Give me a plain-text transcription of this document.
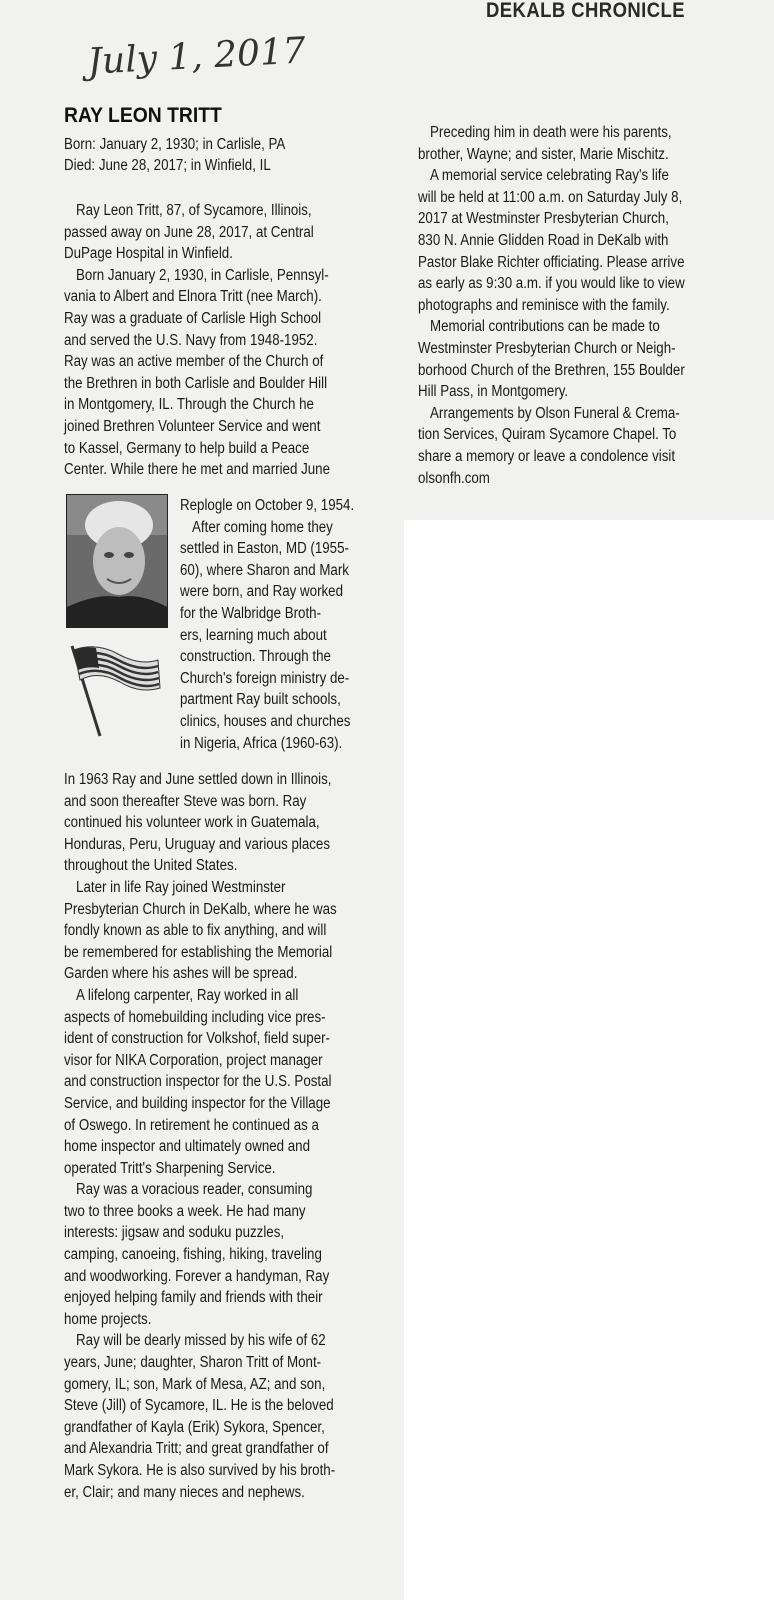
DEKALB CHRONICLE
July 1, 2017
RAY LEON TRITT
Born: January 2, 1930; in Carlisle, PA
Died: June 28, 2017; in Winfield, IL
Ray Leon Tritt, 87, of Sycamore, Illinois,
passed away on June 28, 2017, at Central
DuPage Hospital in Winfield.
Born January 2, 1930, in Carlisle, Pennsyl-
vania to Albert and Elnora Tritt (nee March).
Ray was a graduate of Carlisle High School
and served the U.S. Navy from 1948-1952.
Ray was an active member of the Church of
the Brethren in both Carlisle and Boulder Hill
in Montgomery, IL. Through the Church he
joined Brethren Volunteer Service and went
to Kassel, Germany to help build a Peace
Center. While there he met and married June
Replogle on October 9, 1954.
After coming home they
settled in Easton, MD (1955-
60), where Sharon and Mark
were born, and Ray worked
for the Walbridge Broth-
ers, learning much about
construction. Through the
Church's foreign ministry de-
partment Ray built schools,
clinics, houses and churches
in Nigeria, Africa (1960-63).
In 1963 Ray and June settled down in Illinois,
and soon thereafter Steve was born. Ray
continued his volunteer work in Guatemala,
Honduras, Peru, Uruguay and various places
throughout the United States.
Later in life Ray joined Westminster
Presbyterian Church in DeKalb, where he was
fondly known as able to fix anything, and will
be remembered for establishing the Memorial
Garden where his ashes will be spread.
A lifelong carpenter, Ray worked in all
aspects of homebuilding including vice pres-
ident of construction for Volkshof, field super-
visor for NIKA Corporation, project manager
and construction inspector for the U.S. Postal
Service, and building inspector for the Village
of Oswego. In retirement he continued as a
home inspector and ultimately owned and
operated Tritt's Sharpening Service.
Ray was a voracious reader, consuming
two to three books a week. He had many
interests: jigsaw and soduku puzzles,
camping, canoeing, fishing, hiking, traveling
and woodworking. Forever a handyman, Ray
enjoyed helping family and friends with their
home projects.
Ray will be dearly missed by his wife of 62
years, June; daughter, Sharon Tritt of Mont-
gomery, IL; son, Mark of Mesa, AZ; and son,
Steve (Jill) of Sycamore, IL. He is the beloved
grandfather of Kayla (Erik) Sykora, Spencer,
and Alexandria Tritt; and great grandfather of
Mark Sykora. He is also survived by his broth-
er, Clair; and many nieces and nephews.
Preceding him in death were his parents,
brother, Wayne; and sister, Marie Mischitz.
A memorial service celebrating Ray's life
will be held at 11:00 a.m. on Saturday July 8,
2017 at Westminster Presbyterian Church,
830 N. Annie Glidden Road in DeKalb with
Pastor Blake Richter officiating. Please arrive
as early as 9:30 a.m. if you would like to view
photographs and reminisce with the family.
Memorial contributions can be made to
Westminster Presbyterian Church or Neigh-
borhood Church of the Brethren, 155 Boulder
Hill Pass, in Montgomery.
Arrangements by Olson Funeral & Crema-
tion Services, Quiram Sycamore Chapel. To
share a memory or leave a condolence visit
olsonfh.com
